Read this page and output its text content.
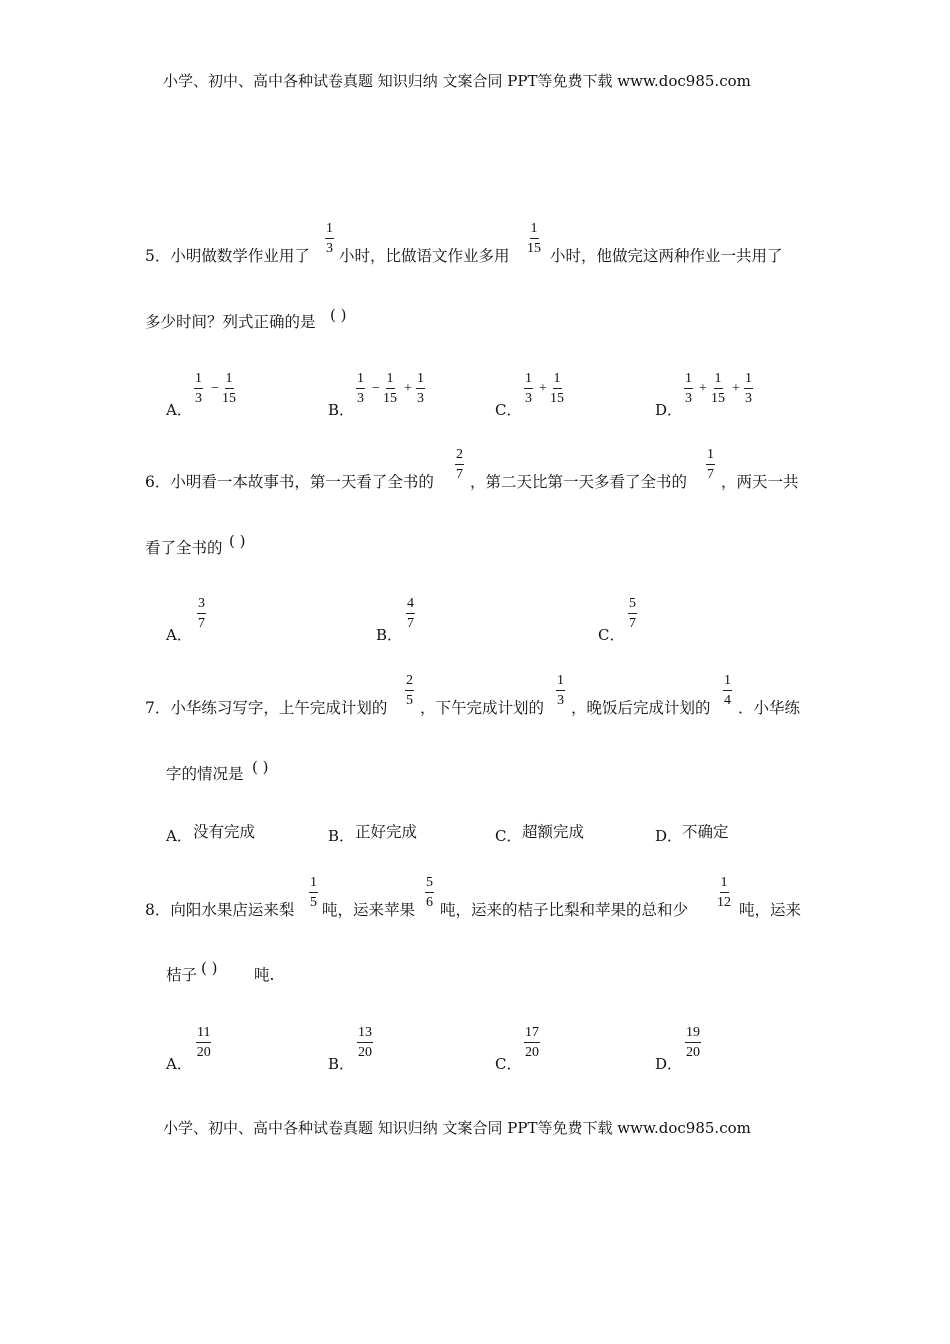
小学、初中、高中各种试卷真题 知识归纳 文案合同 PPT等免费下载 www.doc985.com
5．小明做数学作业用了
1
3 小时，比做语文作业多用
1
15 小时，他做完这两种作业一共用了
多少时间？列式正确的是 ( )
A．
1
3
−
1
15
B．
1
3
−
1
15
+
1
3
C．
1
3
+
1
15
D．
1
3
+
1
15
+
1
3
6．小明看一本故事书，第一天看了全书的
2
7 ，第二天比第一天多看了全书的
1
7 ，两天一共
看了全书的 ( )
A．
3
7
B．
4
7
C．
5
7
7．小华练习写字，上午完成计划的
2
5 ，下午完成计划的
1
3 ，晚饭后完成计划的
1
4 ．小华练
字的情况是 ( )
A． 没有完成	B． 正好完成	C． 超额完成	D． 不确定
8．向阳水果店运来梨
1
5 吨，运来苹果
5
6 吨，运来的桔子比梨和苹果的总和少
1
12 吨，运来
桔子 ( ) 吨.
A．
11
20
B．
13
20
C．
17
20
D．
19
20
小学、初中、高中各种试卷真题 知识归纳 文案合同 PPT等免费下载 www.doc985.com
